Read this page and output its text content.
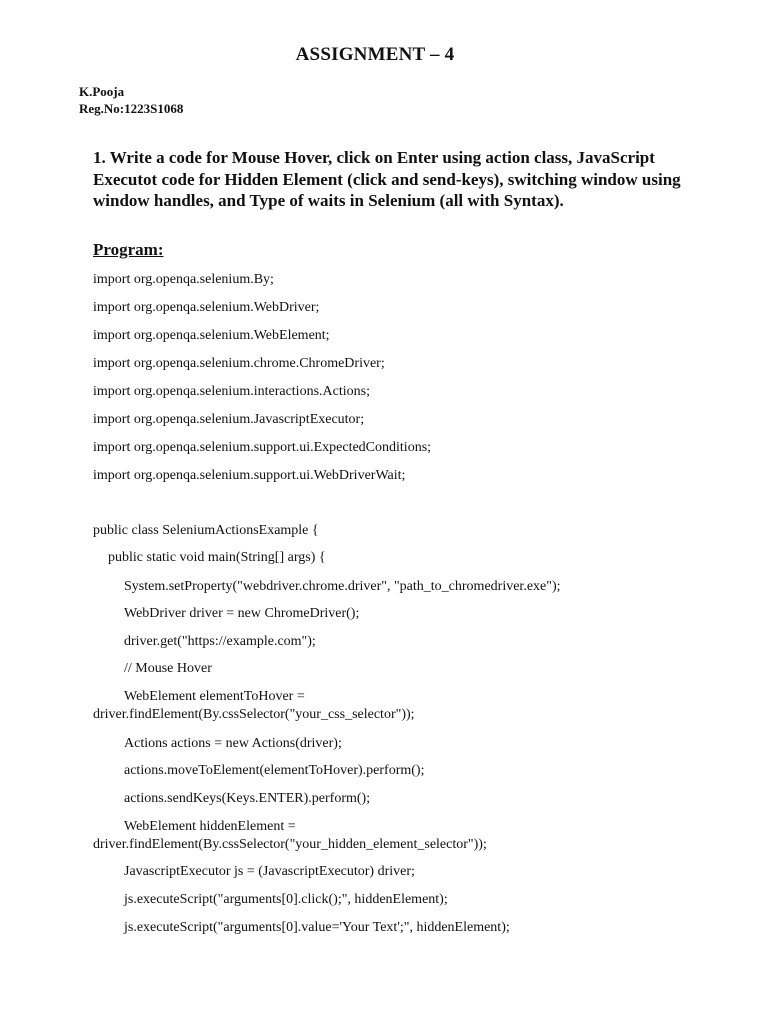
ASSIGNMENT – 4
K.Pooja
Reg.No:1223S1068
1. Write a code for Mouse Hover, click on Enter using action class, JavaScript Executot code for Hidden Element (click and send-keys), switching window using window handles, and Type of waits in Selenium (all with Syntax).
Program:
import org.openqa.selenium.By;
import org.openqa.selenium.WebDriver;
import org.openqa.selenium.WebElement;
import org.openqa.selenium.chrome.ChromeDriver;
import org.openqa.selenium.interactions.Actions;
import org.openqa.selenium.JavascriptExecutor;
import org.openqa.selenium.support.ui.ExpectedConditions;
import org.openqa.selenium.support.ui.WebDriverWait;
public class SeleniumActionsExample {
public static void main(String[] args) {
System.setProperty("webdriver.chrome.driver", "path_to_chromedriver.exe");
WebDriver driver = new ChromeDriver();
driver.get("https://example.com");
// Mouse Hover
WebElement elementToHover =
driver.findElement(By.cssSelector("your_css_selector"));
Actions actions = new Actions(driver);
actions.moveToElement(elementToHover).perform();
actions.sendKeys(Keys.ENTER).perform();
WebElement hiddenElement =
driver.findElement(By.cssSelector("your_hidden_element_selector"));
JavascriptExecutor js = (JavascriptExecutor) driver;
js.executeScript("arguments[0].click();", hiddenElement);
js.executeScript("arguments[0].value='Your Text';", hiddenElement);
